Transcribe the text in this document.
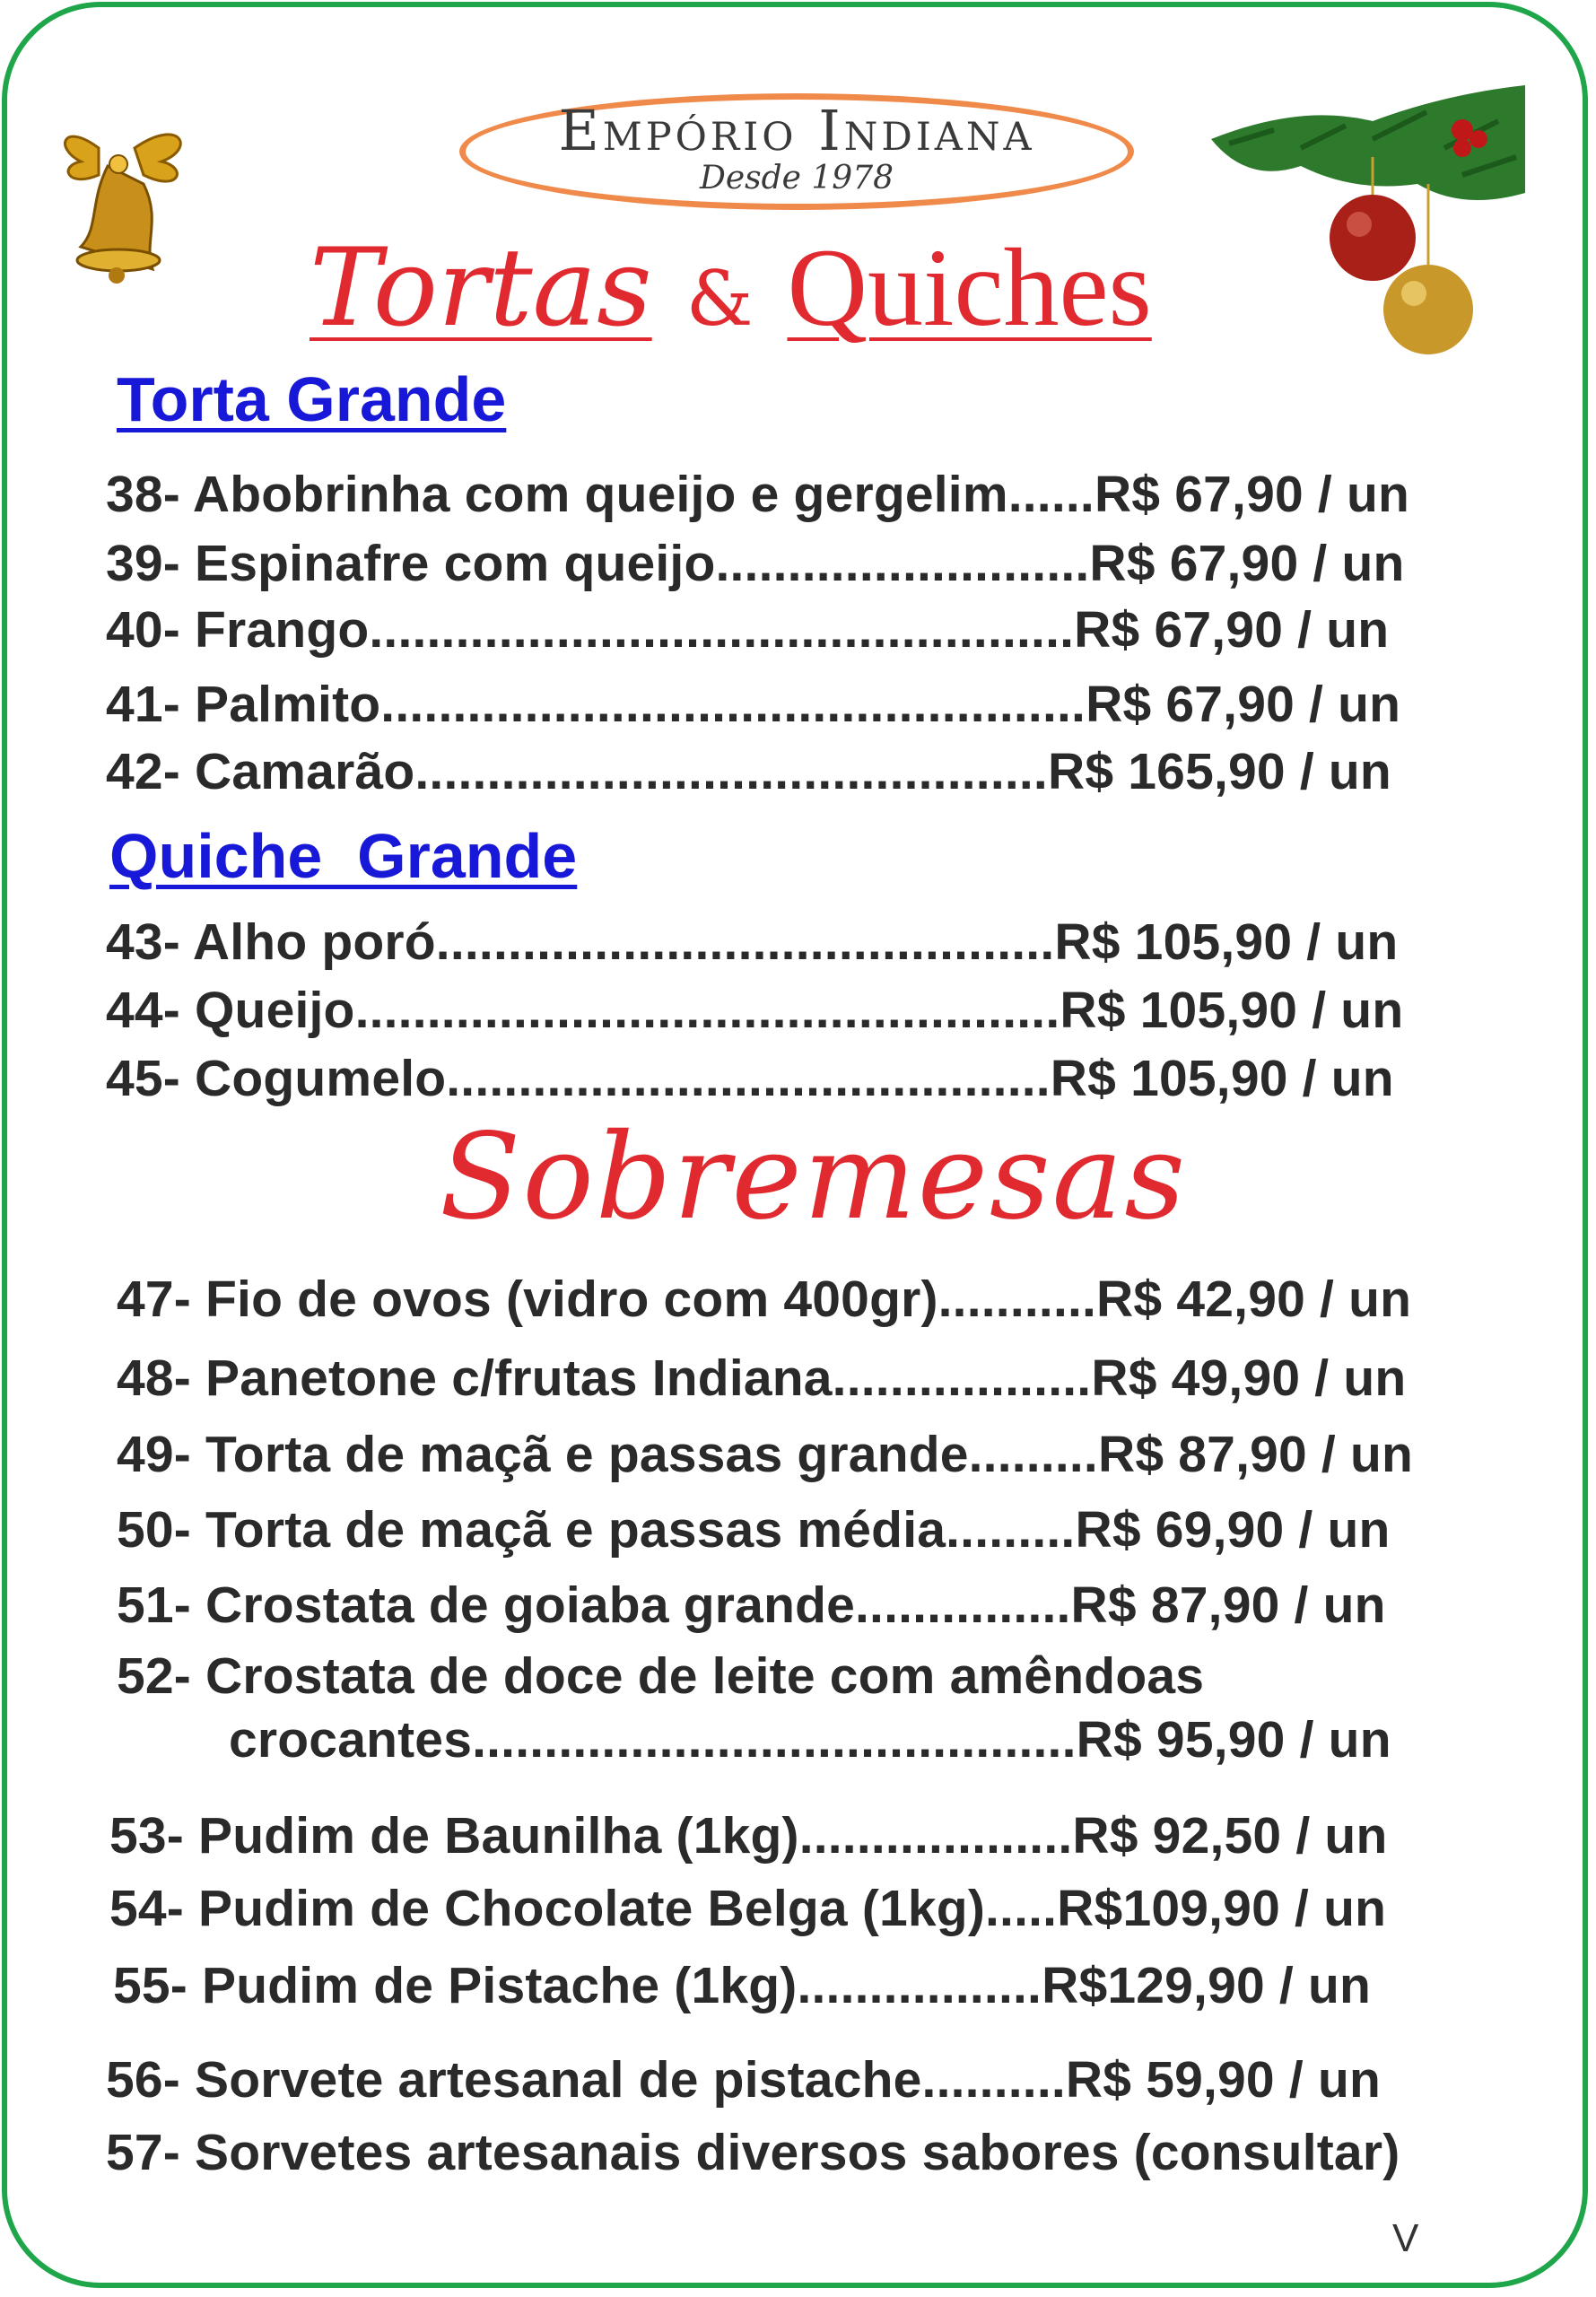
Empório Indiana
Desde 1978
Tortas & Quiches
Torta Grande
38- Abobrinha com queijo e gergelim......R$ 67,90 / un
39- Espinafre com queijo..........................R$ 67,90 / un
40- Frango.................................................R$ 67,90 / un
41- Palmito.................................................R$ 67,90 / un
42- Camarão............................................R$ 165,90 / un
Quiche  Grande
43- Alho poró...........................................R$ 105,90 / un
44- Queijo.................................................R$ 105,90 / un
45- Cogumelo..........................................R$ 105,90 / un
Sobremesas
47- Fio de ovos (vidro com 400gr)...........R$ 42,90 / un
48- Panetone c/frutas Indiana..................R$ 49,90 / un
49- Torta de maçã e passas grande.........R$ 87,90 / un
50- Torta de maçã e passas média.........R$ 69,90 / un
51- Crostata de goiaba grande...............R$ 87,90 / un
52- Crostata de doce de leite com amêndoas
crocantes..........................................R$ 95,90 / un
53- Pudim de Baunilha (1kg)...................R$ 92,50 / un
54- Pudim de Chocolate Belga (1kg).....R$109,90 / un
55- Pudim de Pistache (1kg).................R$129,90 / un
56- Sorvete artesanal de pistache..........R$ 59,90 / un
57- Sorvetes artesanais diversos sabores (consultar)
V
